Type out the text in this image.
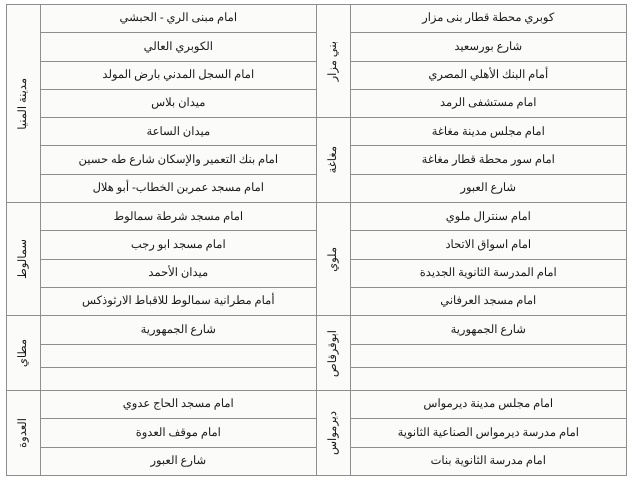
كوبري محطة قطار بنى مزار	بني مزار	امام مبنى الري - الحبشي	مدينة المنيا

شارع بورسعيد		الكوبري العالي	
أمام البنك الأهلي المصري		امام السجل المدني بارض المولد	
امام مستشفى الرمد		ميدان بلاس	
امام مجلس مدينة مغاغة	مغاغة	ميدان الساعة	
امام سور محطة قطار مغاغة		امام بنك التعمير والإسكان شارع طه حسين	
شارع العبور		امام مسجد عمربن الخطاب- أبو هلال	
امام سنترال ملوي	ملوي	امام مسجد شرطة سمالوط	سمالوط

امام اسواق الاتحاد		امام مسجد ابو رجب	
امام المدرسة الثانوية الجديدة		ميدان الأحمد	
امام مسجد العرفاني		أمام مطرانية سمالوط للاقباط الارثوذكس	
شارع الجمهورية	ابوقرقاص	شارع الجمهورية	مطاي

امام مجلس مدينة ديرمواس	ديرمواس	امام مسجد الحاج عدوي	العدوة

امام مدرسة ديرمواس الصناعية الثانوية		امام موقف العدوة	
امام مدرسة الثانوية بنات		شارع العبور	
